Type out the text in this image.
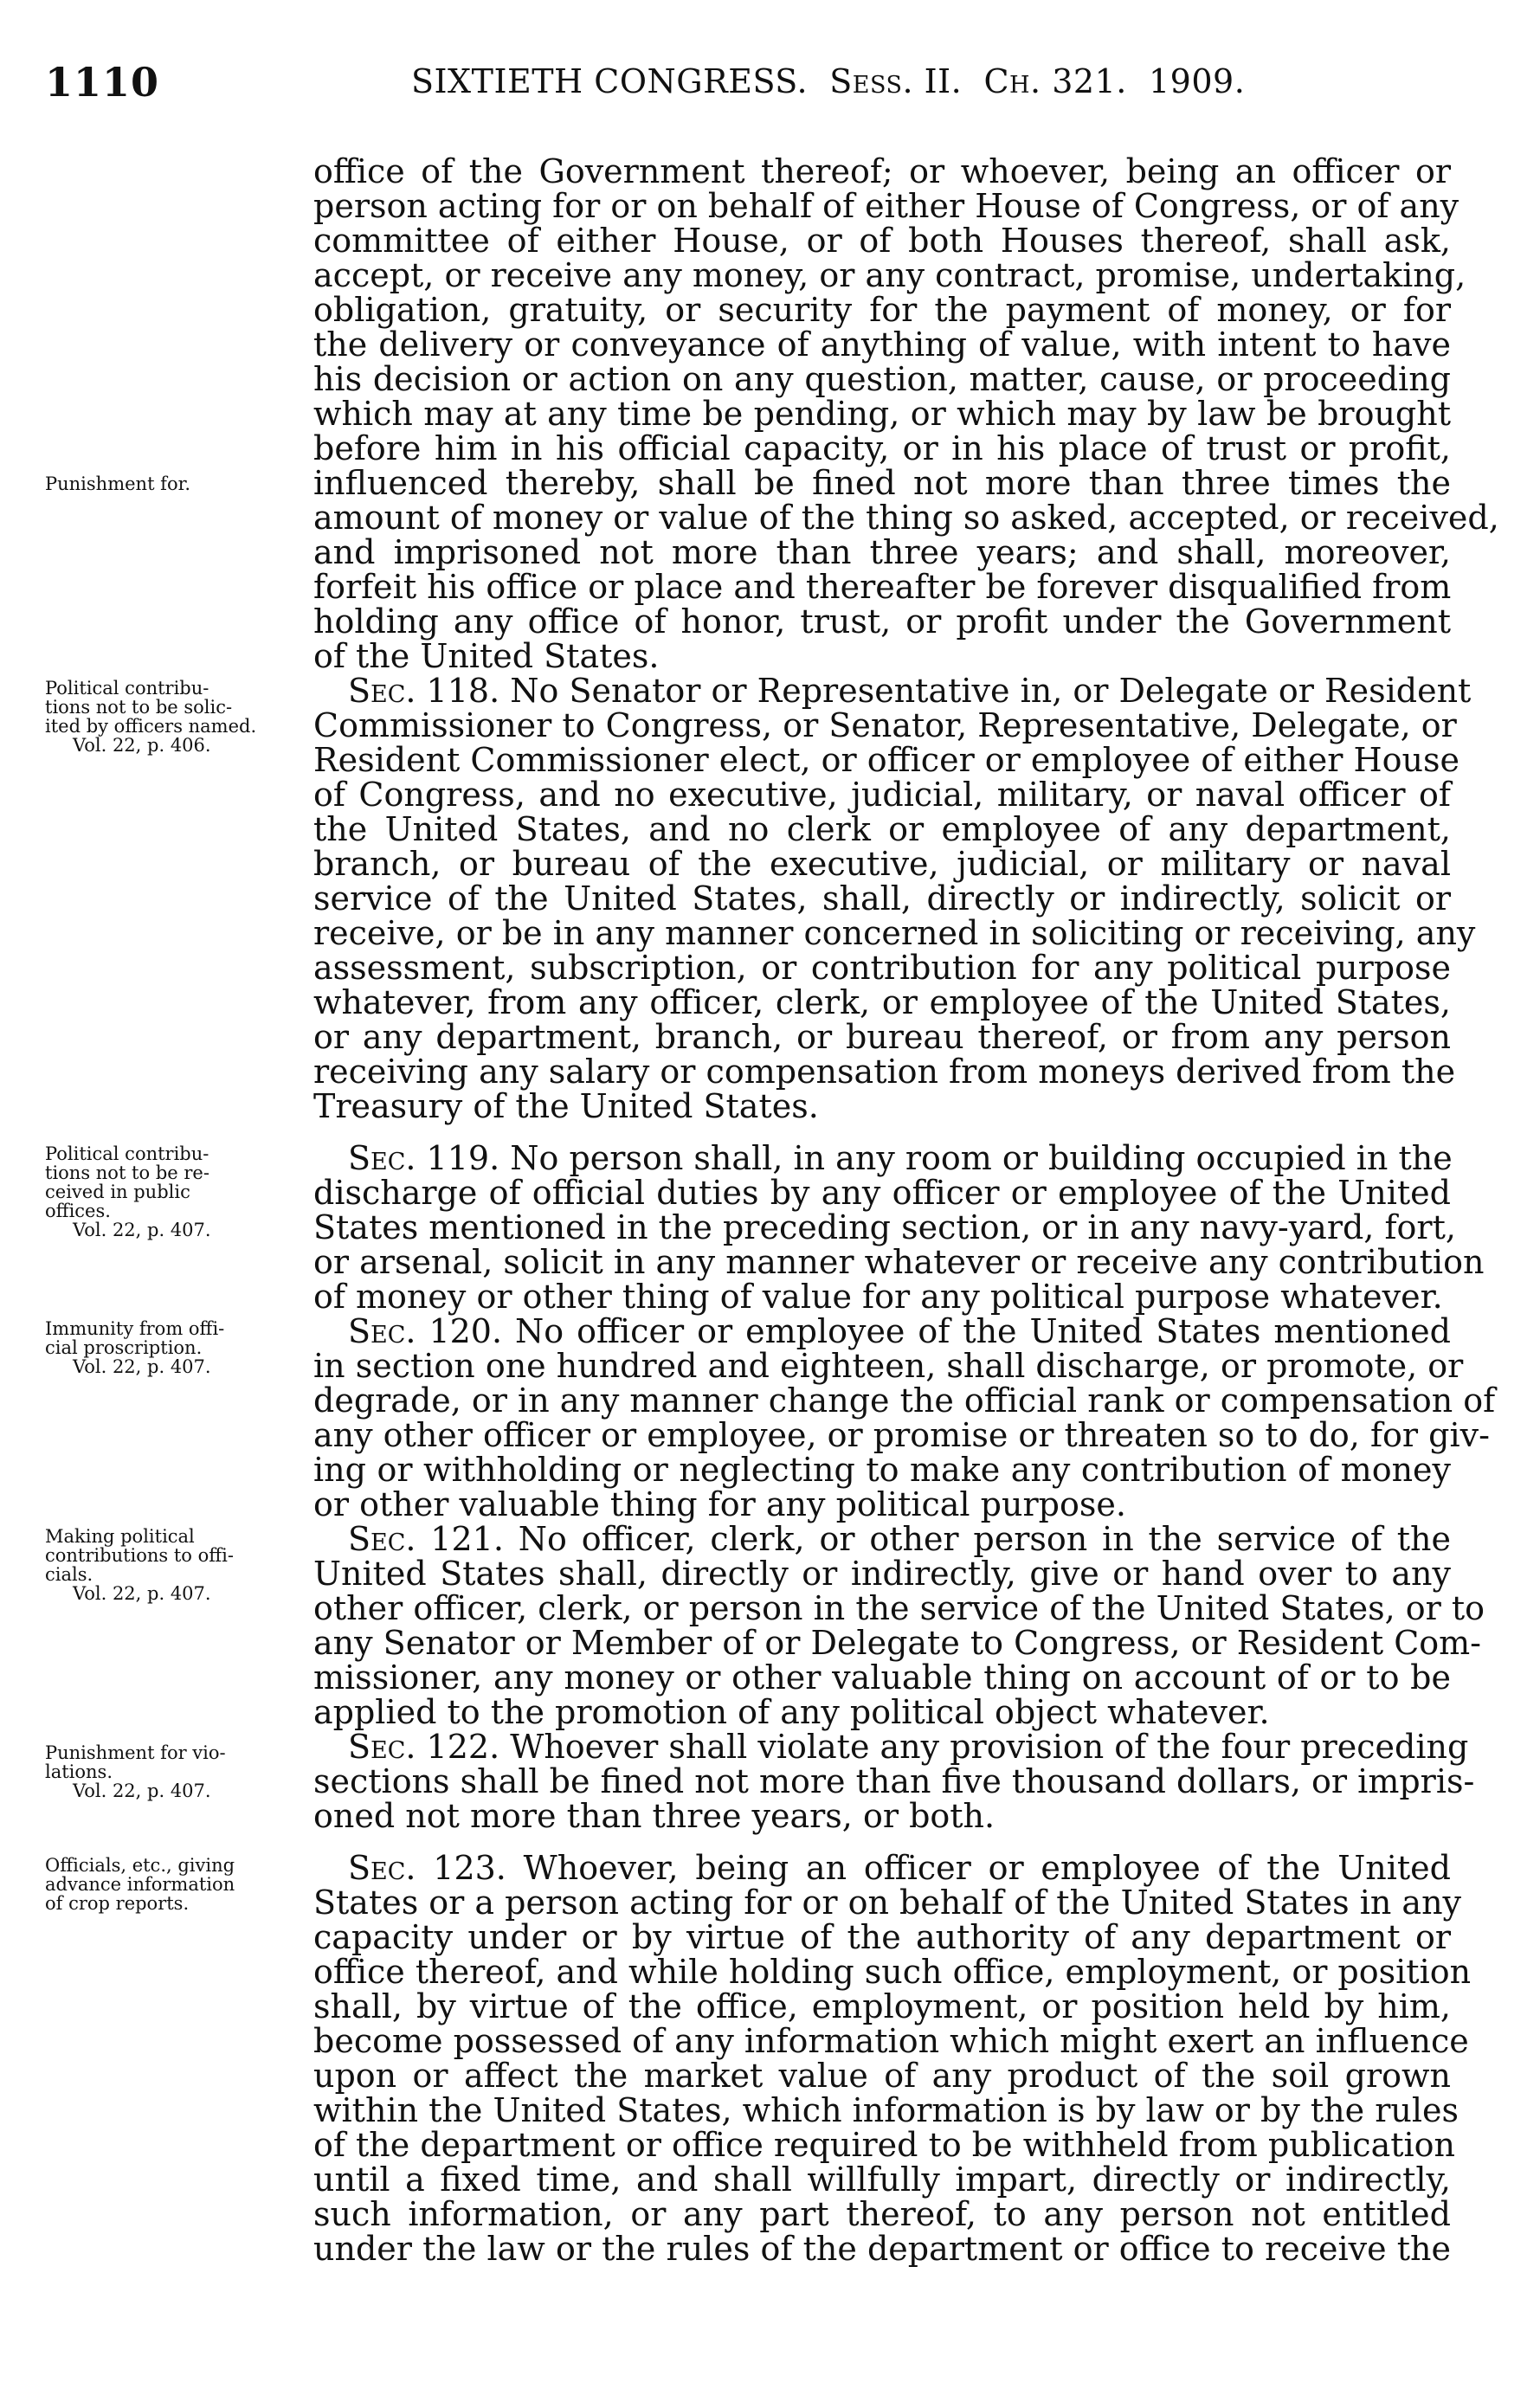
1110	SIXTIETH CONGRESS. Sess. II. Ch. 321. 1909.
office of the Government thereof; or whoever, being an officer or
person acting for or on behalf of either House of Congress, or of any
committee of either House, or of both Houses thereof, shall ask,
accept, or receive any money, or any contract, promise, undertaking,
obligation, gratuity, or security for the payment of money, or for
the delivery or conveyance of anything of value, with intent to have
his decision or action on any question, matter, cause, or proceeding
which may at any time be pending, or which may by law be brought
before him in his official capacity, or in his place of trust or profit,
influenced thereby, shall be fined not more than three times the
amount of money or value of the thing so asked, accepted, or received,
and imprisoned not more than three years; and shall, moreover,
forfeit his office or place and thereafter be forever disqualified from
holding any office of honor, trust, or profit under the Government
of the United States.
Sec. 118. No Senator or Representative in, or Delegate or Resident
Commissioner to Congress, or Senator, Representative, Delegate, or
Resident Commissioner elect, or officer or employee of either House
of Congress, and no executive, judicial, military, or naval officer of
the United States, and no clerk or employee of any department,
branch, or bureau of the executive, judicial, or military or naval
service of the United States, shall, directly or indirectly, solicit or
receive, or be in any manner concerned in soliciting or receiving, any
assessment, subscription, or contribution for any political purpose
whatever, from any officer, clerk, or employee of the United States,
or any department, branch, or bureau thereof, or from any person
receiving any salary or compensation from moneys derived from the
Treasury of the United States.
Sec. 119. No person shall, in any room or building occupied in the
discharge of official duties by any officer or employee of the United
States mentioned in the preceding section, or in any navy-yard, fort,
or arsenal, solicit in any manner whatever or receive any contribution
of money or other thing of value for any political purpose whatever.
Sec. 120. No officer or employee of the United States mentioned
in section one hundred and eighteen, shall discharge, or promote, or
degrade, or in any manner change the official rank or compensation of
any other officer or employee, or promise or threaten so to do, for giv-
ing or withholding or neglecting to make any contribution of money
or other valuable thing for any political purpose.
Sec. 121. No officer, clerk, or other person in the service of the
United States shall, directly or indirectly, give or hand over to any
other officer, clerk, or person in the service of the United States, or to
any Senator or Member of or Delegate to Congress, or Resident Com-
missioner, any money or other valuable thing on account of or to be
applied to the promotion of any political object whatever.
Sec. 122. Whoever shall violate any provision of the four preceding
sections shall be fined not more than five thousand dollars, or impris-
oned not more than three years, or both.
Sec. 123. Whoever, being an officer or employee of the United
States or a person acting for or on behalf of the United States in any
capacity under or by virtue of the authority of any department or
office thereof, and while holding such office, employment, or position
shall, by virtue of the office, employment, or position held by him,
become possessed of any information which might exert an influence
upon or affect the market value of any product of the soil grown
within the United States, which information is by law or by the rules
of the department or office required to be withheld from publication
until a fixed time, and shall willfully impart, directly or indirectly,
such information, or any part thereof, to any person not entitled
under the law or the rules of the department or office to receive the
Punishment for.
Political contribu-
tions not to be solic-
ited by officers named.
Vol. 22, p. 406.
Political contribu-
tions not to be re-
ceived in public
offices.
Vol. 22, p. 407.
Immunity from offi-
cial proscription.
Vol. 22, p. 407.
Making political
contributions to offi-
cials.
Vol. 22, p. 407.
Punishment for vio-
lations.
Vol. 22, p. 407.
Officials, etc., giving
advance information
of crop reports.
